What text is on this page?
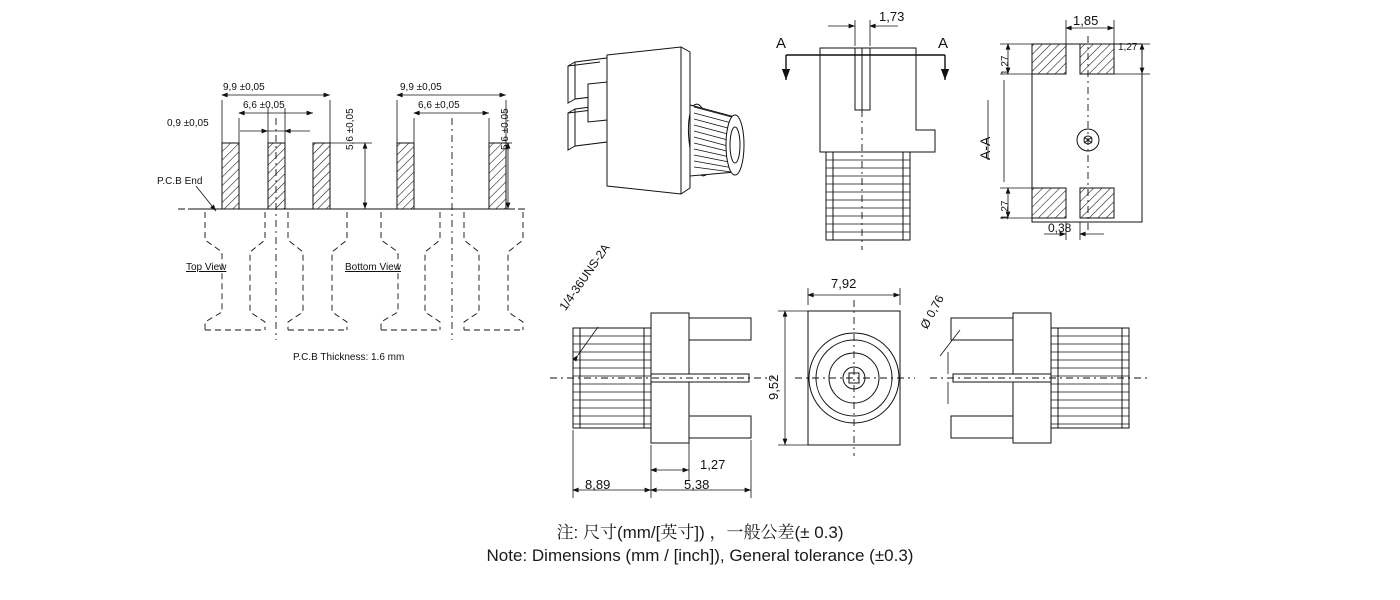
9,9 ±0,05
6,6 ±0,05
0,9 ±0,05	5,6 ±0,05
9,9 ±0,05
6,6 ±0,05
5,6 ±0,05
P.C.B End
Top View	Bottom View
P.C.B Thickness: 1.6 mm
1,73
A	A
1,85
1,27
1,27
1,27
0,38
A-A
1/4-36UNS-2A
8,89	5,38
1,27
7,92
9,52
Ø 0,76
注: 尺寸(mm/[英寸]) ，一般公差(± 0.3)
Note: Dimensions (mm / [inch]), General tolerance (±0.3)
